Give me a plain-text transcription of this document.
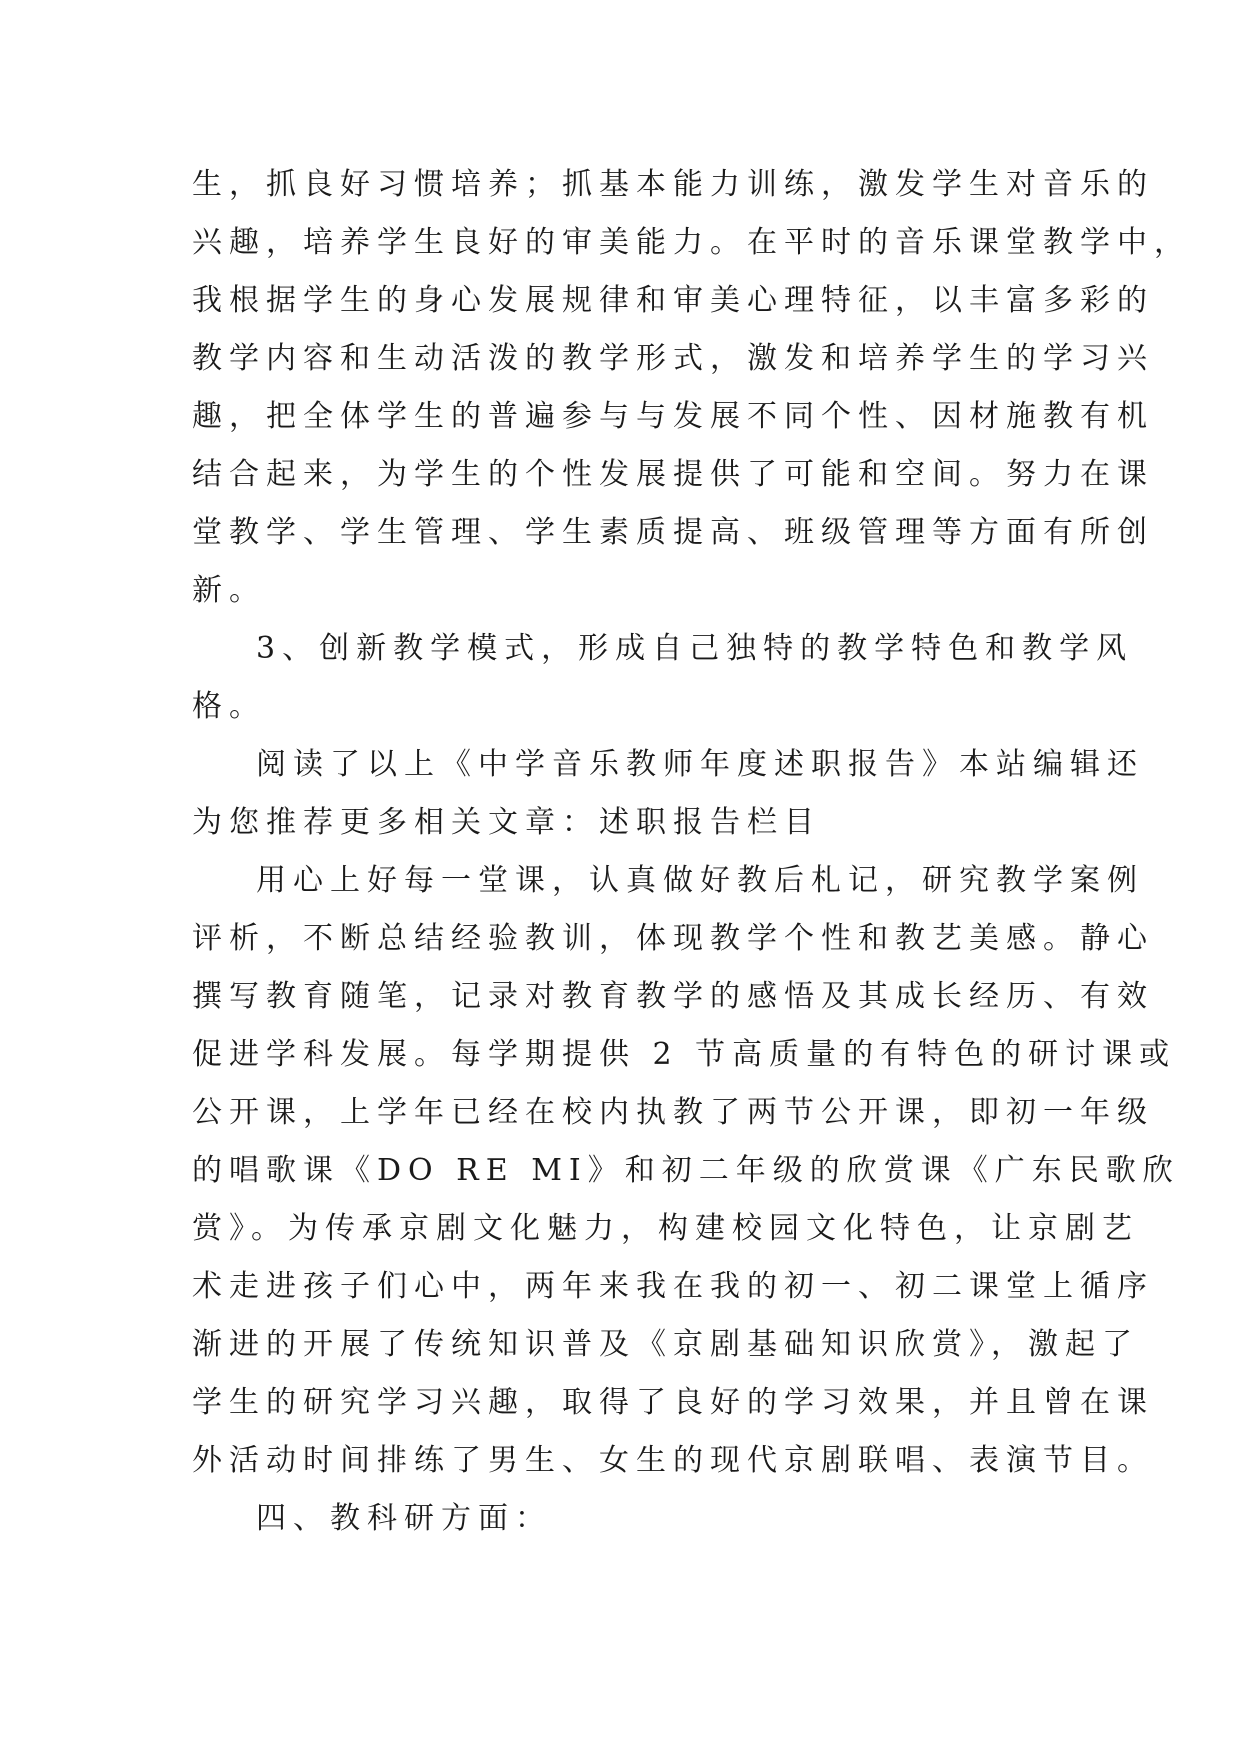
生，抓良好习惯培养；抓基本能力训练，激发学生对音乐的
兴趣，培养学生良好的审美能力。在平时的音乐课堂教学中，
我根据学生的身心发展规律和审美心理特征，以丰富多彩的
教学内容和生动活泼的教学形式，激发和培养学生的学习兴
趣，把全体学生的普遍参与与发展不同个性、因材施教有机
结合起来，为学生的个性发展提供了可能和空间。努力在课
堂教学、学生管理、学生素质提高、班级管理等方面有所创
新。
3、创新教学模式，形成自己独特的教学特色和教学风
格。
阅读了以上《中学音乐教师年度述职报告》本站编辑还
为您推荐更多相关文章：述职报告栏目
用心上好每一堂课，认真做好教后札记，研究教学案例
评析，不断总结经验教训，体现教学个性和教艺美感。静心
撰写教育随笔，记录对教育教学的感悟及其成长经历、有效
促进学科发展。每学期提供 2 节高质量的有特色的研讨课或
公开课，上学年已经在校内执教了两节公开课，即初一年级
的唱歌课《DO RE MI》和初二年级的欣赏课《广东民歌欣
赏》。为传承京剧文化魅力，构建校园文化特色，让京剧艺
术走进孩子们心中，两年来我在我的初一、初二课堂上循序
渐进的开展了传统知识普及《京剧基础知识欣赏》，激起了
学生的研究学习兴趣，取得了良好的学习效果，并且曾在课
外活动时间排练了男生、女生的现代京剧联唱、表演节目。
四、教科研方面：
